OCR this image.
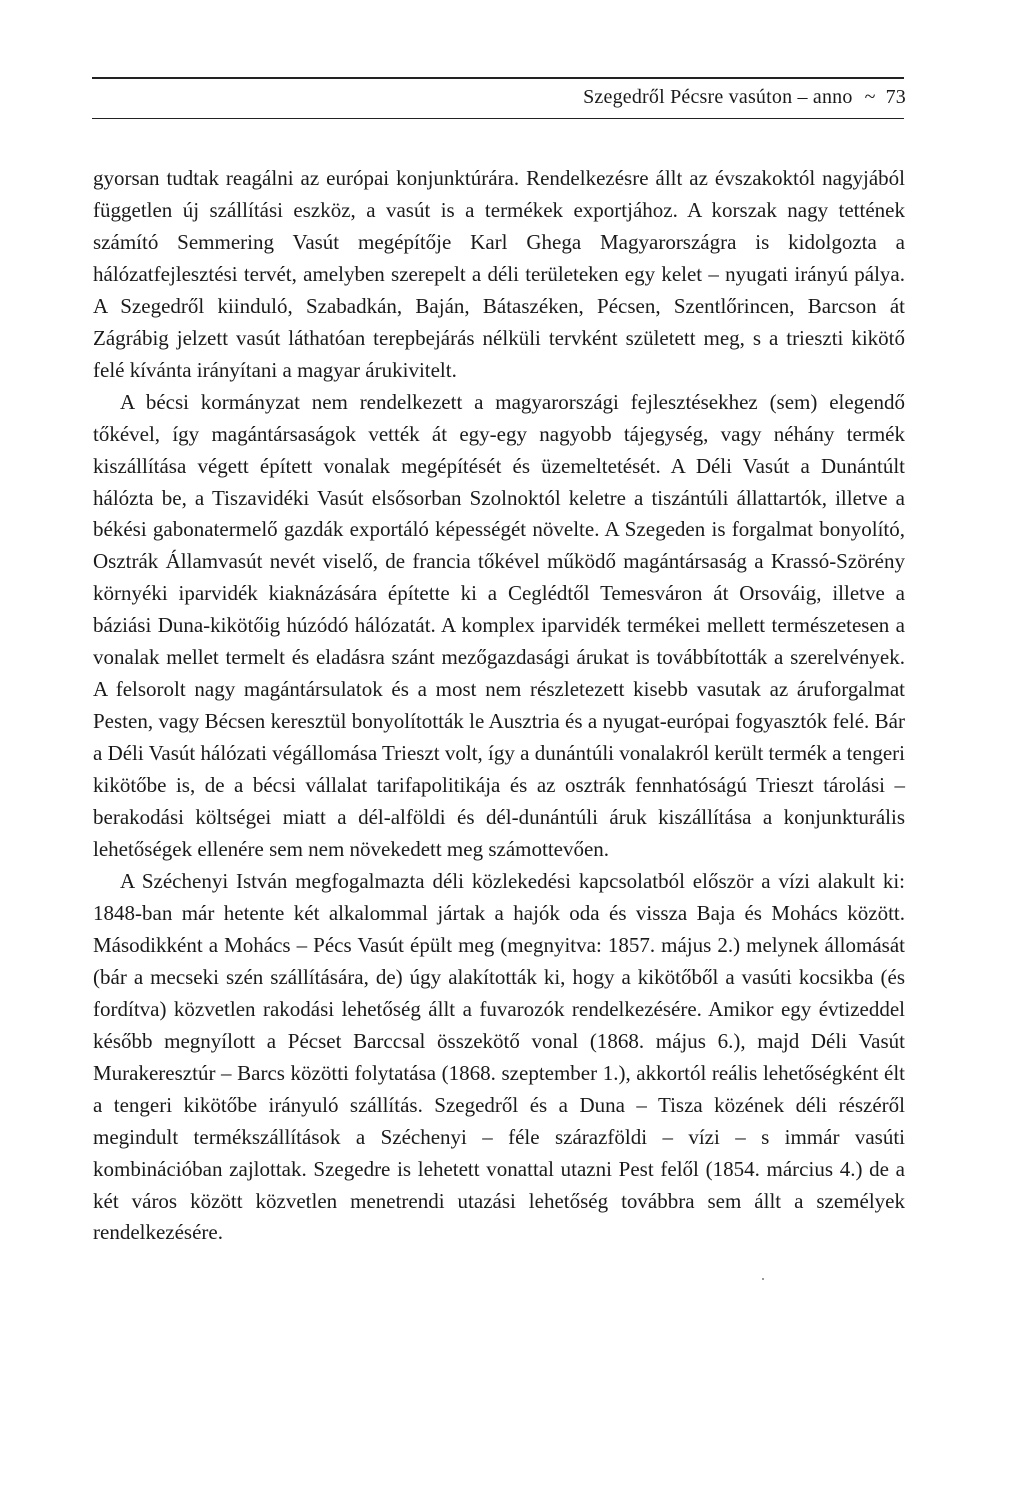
Szegedről Pécsre vasúton – anno ~ 73

gyorsan tudtak reagálni az európai konjunktúrára. Rendelkezésre állt az évszakoktól nagyjából független új szállítási eszköz, a vasút is a termékek exportjához. A korszak nagy tettének számító Semmering Vasút megépítője Karl Ghega Magyarországra is kidolgozta a hálózatfejlesztési tervét, amelyben szerepelt a déli területeken egy kelet – nyugati irányú pálya. A Szegedről kiinduló, Szabadkán, Baján, Bátaszéken, Pécsen, Szentlőrincen, Barcson át Zágrábig jelzett vasút láthatóan terepbejárás nélküli tervként született meg, s a trieszti kikötő felé kívánta irányítani a magyar árukivitelt.

A bécsi kormányzat nem rendelkezett a magyarországi fejlesztésekhez (sem) elegendő tőkével, így magántársaságok vették át egy-egy nagyobb tájegység, vagy néhány termék kiszállítása végett épített vonalak megépítését és üzemeltetését. A Déli Vasút a Dunántúlt hálózta be, a Tiszavidéki Vasút elsősorban Szolnoktól keletre a tiszántúli állattartók, illetve a békési gabonatermelő gazdák exportáló képességét növelte. A Szegeden is forgalmat bonyolító, Osztrák Államvasút nevét viselő, de francia tőkével működő magántársaság a Krassó-Szörény környéki iparvidék kiaknázására építette ki a Ceglédtől Temesváron át Orsováig, illetve a báziási Duna-kikötőig húzódó hálózatát. A komplex iparvidék termékei mellett természetesen a vonalak mellet termelt és eladásra szánt mezőgazdasági árukat is továbbították a szerelvények. A felsorolt nagy magántársulatok és a most nem részletezett kisebb vasutak az áruforgalmat Pesten, vagy Bécsen keresztül bonyolították le Ausztria és a nyugat-európai fogyasztók felé. Bár a Déli Vasút hálózati végállomása Trieszt volt, így a dunántúli vonalakról került termék a tengeri kikötőbe is, de a bécsi vállalat tarifapolitikája és az osztrák fennhatóságú Trieszt tárolási – berakodási költségei miatt a dél-alföldi és dél-dunántúli áruk kiszállítása a konjunkturális lehetőségek ellenére sem nem növekedett meg számottevően.

A Széchenyi István megfogalmazta déli közlekedési kapcsolatból először a vízi alakult ki: 1848-ban már hetente két alkalommal jártak a hajók oda és vissza Baja és Mohács között. Másodikként a Mohács – Pécs Vasút épült meg (megnyitva: 1857. május 2.) melynek állomását (bár a mecseki szén szállítására, de) úgy alakították ki, hogy a kikötőből a vasúti kocsikba (és fordítva) közvetlen rakodási lehetőség állt a fuvarozók rendelkezésére. Amikor egy évtizeddel később megnyílott a Pécset Barccsal összekötő vonal (1868. május 6.), majd Déli Vasút Murakeresztúr – Barcs közötti folytatása (1868. szeptember 1.), akkortól reális lehetőségként élt a tengeri kikötőbe irányuló szállítás. Szegedről és a Duna – Tisza közének déli részéről megindult termékszállítások a Széchenyi – féle szárazföldi – vízi – s immár vasúti kombinációban zajlottak. Szegedre is lehetett vonattal utazni Pest felől (1854. március 4.) de a két város között közvetlen menetrendi utazási lehetőség továbbra sem állt a személyek rendelkezésére.
